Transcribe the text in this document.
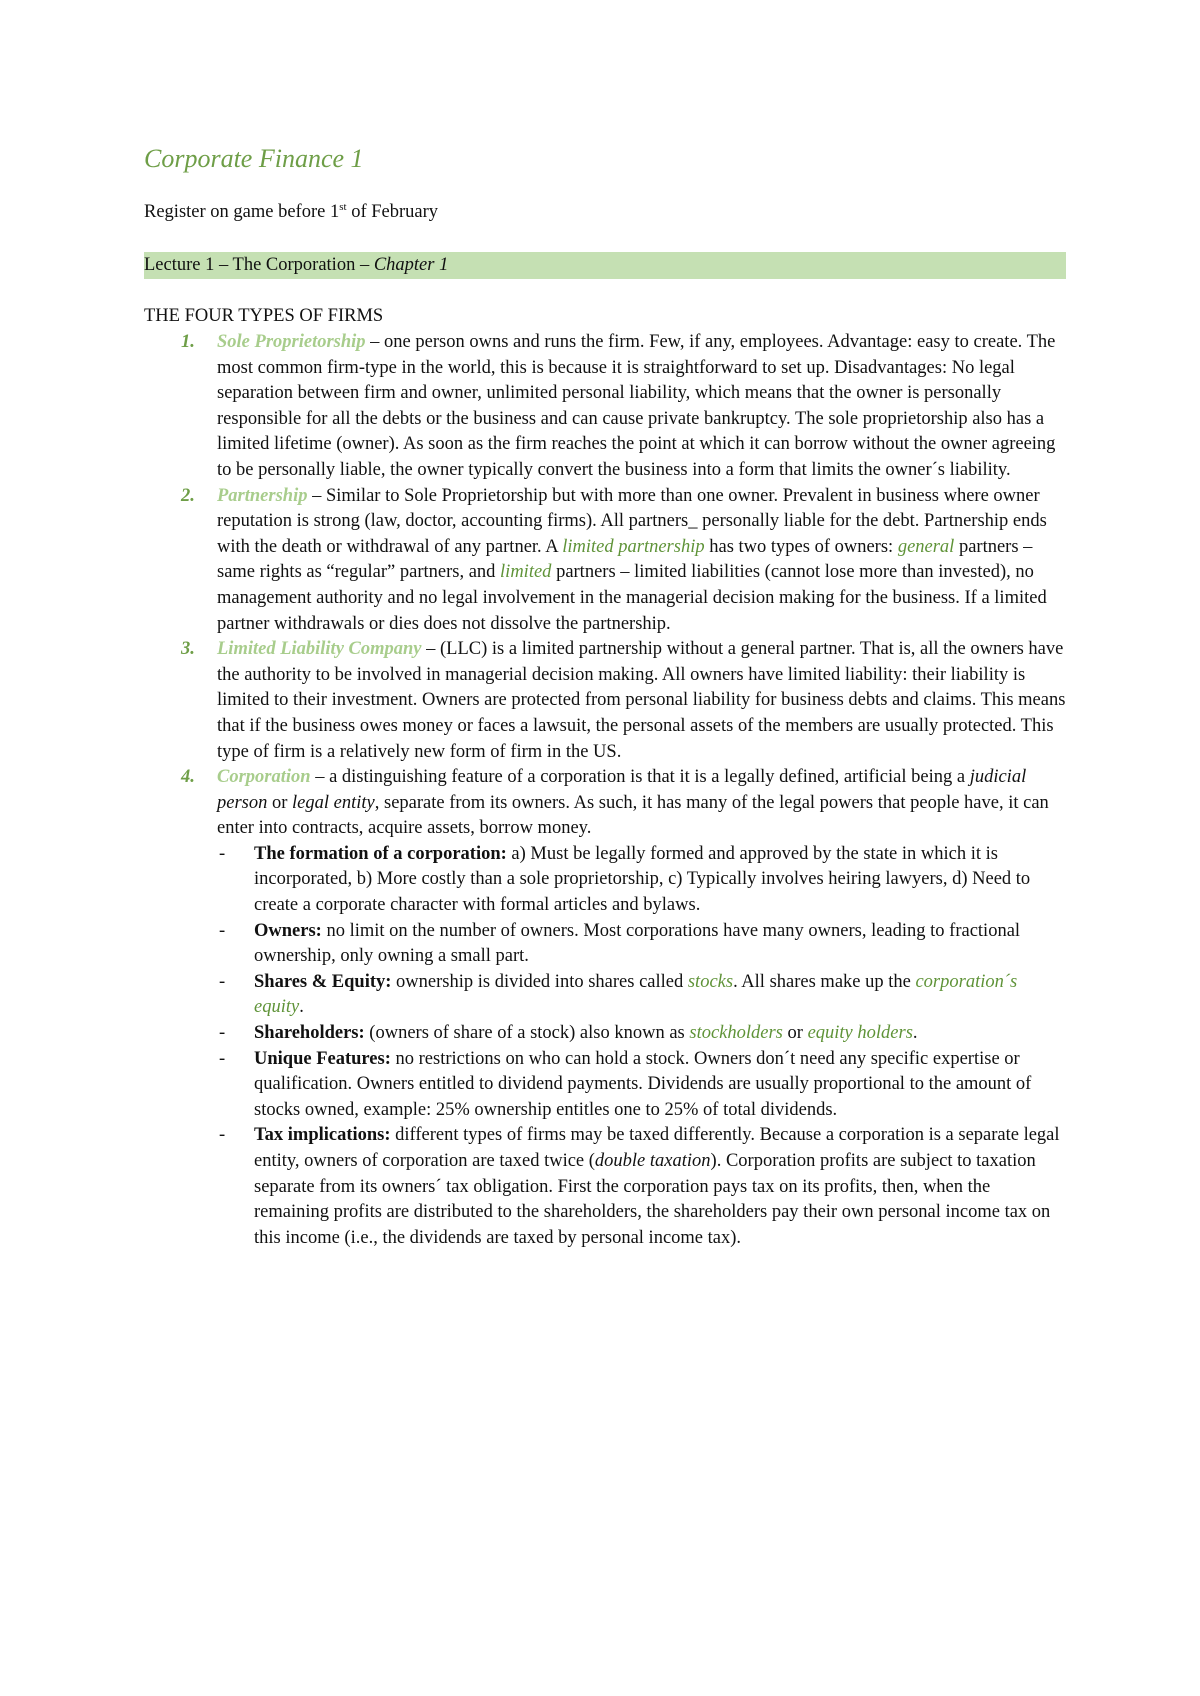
Corporate Finance 1

Register on game before 1st of February

Lecture 1 – The Corporation – Chapter 1
THE FOUR TYPES OF FIRMS
1. Sole Proprietorship – one person owns and runs the firm. Few, if any, employees. Advantage: easy to create. The most common firm-type in the world, this is because it is straightforward to set up. Disadvantages: No legal separation between firm and owner, unlimited personal liability, which means that the owner is personally responsible for all the debts or the business and can cause private bankruptcy. The sole proprietorship also has a limited lifetime (owner). As soon as the firm reaches the point at which it can borrow without the owner agreeing to be personally liable, the owner typically convert the business into a form that limits the owner´s liability.
2. Partnership – Similar to Sole Proprietorship but with more than one owner. Prevalent in business where owner reputation is strong (law, doctor, accounting firms). All partners_ personally liable for the debt. Partnership ends with the death or withdrawal of any partner. A limited partnership has two types of owners: general partners – same rights as “regular” partners, and limited partners – limited liabilities (cannot lose more than invested), no management authority and no legal involvement in the managerial decision making for the business. If a limited partner withdrawals or dies does not dissolve the partnership.
3. Limited Liability Company – (LLC) is a limited partnership without a general partner. That is, all the owners have the authority to be involved in managerial decision making. All owners have limited liability: their liability is limited to their investment. Owners are protected from personal liability for business debts and claims. This means that if the business owes money or faces a lawsuit, the personal assets of the members are usually protected. This type of firm is a relatively new form of firm in the US.
4. Corporation – a distinguishing feature of a corporation is that it is a legally defined, artificial being a judicial person or legal entity, separate from its owners. As such, it has many of the legal powers that people have, it can enter into contracts, acquire assets, borrow money.
- The formation of a corporation: a) Must be legally formed and approved by the state in which it is incorporated, b) More costly than a sole proprietorship, c) Typically involves heiring lawyers, d) Need to create a corporate character with formal articles and bylaws.
- Owners: no limit on the number of owners. Most corporations have many owners, leading to fractional ownership, only owning a small part.
- Shares & Equity: ownership is divided into shares called stocks. All shares make up the corporation´s equity.
- Shareholders: (owners of share of a stock) also known as stockholders or equity holders.
- Unique Features: no restrictions on who can hold a stock. Owners don´t need any specific expertise or qualification. Owners entitled to dividend payments. Dividends are usually proportional to the amount of stocks owned, example: 25% ownership entitles one to 25% of total dividends.
- Tax implications: different types of firms may be taxed differently. Because a corporation is a separate legal entity, owners of corporation are taxed twice (double taxation). Corporation profits are subject to taxation separate from its owners´ tax obligation. First the corporation pays tax on its profits, then, when the remaining profits are distributed to the shareholders, the shareholders pay their own personal income tax on this income (i.e., the dividends are taxed by personal income tax).
